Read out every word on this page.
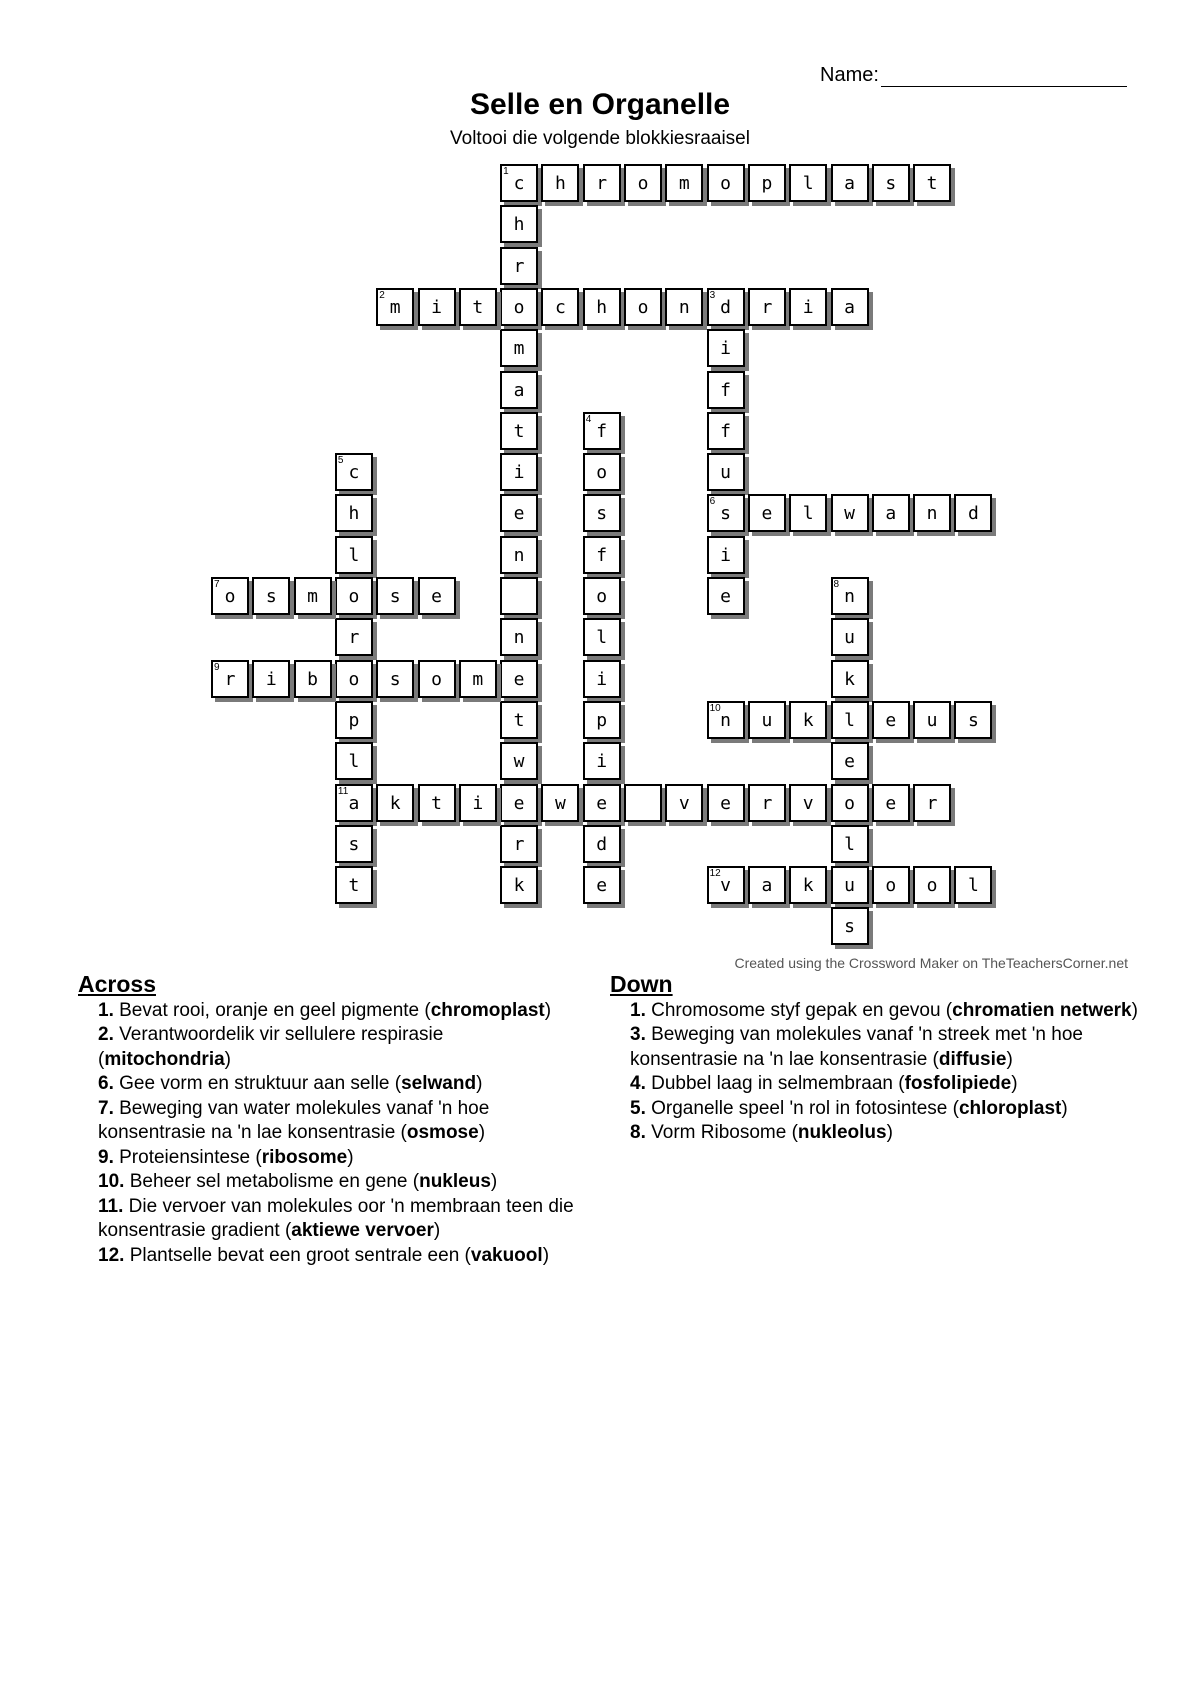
Name:
Selle en Organelle
Voltooi die volgende blokkiesraaisel
1
c	h	r	o	m	o	p	l	a	s	t
h
r
o
m
a
t
i
e
n
n
e
t
w
e
r
k
2
m	i	t	c	h	o	n
3
d	r	i	a
i
f
f
u
6
s
i
e
4
f
o
s
f
o
l
i
p
i
e
d
e
5
c
h
l
o
r
o
p
l
11
a
s
t
e	l	w	a	n	d
7
o	s	m	s	e
8
n
u
k
l
e
o
l
u
s
9
r	i	b	s	o	m
10
n	u	k	e	u	s
k	t	i	w	v	e	r	v	e	r
12
v	a	k	o	o	l
Created using the Crossword Maker on TheTeachersCorner.net
Across
1. Bevat rooi, oranje en geel pigmente (chromoplast)
2. Verantwoordelik vir sellulere respirasie (mitochondria)
6. Gee vorm en struktuur aan selle (selwand)
7. Beweging van water molekules vanaf 'n hoe konsentrasie na 'n lae konsentrasie (osmose)
9. Proteiensintese (ribosome)
10. Beheer sel metabolisme en gene (nukleus)
11. Die vervoer van molekules oor 'n membraan teen die konsentrasie gradient (aktiewe vervoer)
12. Plantselle bevat een groot sentrale een (vakuool)
Down
1. Chromosome styf gepak en gevou (chromatien netwerk)
3. Beweging van molekules vanaf 'n streek met 'n hoe konsentrasie na 'n lae konsentrasie (diffusie)
4. Dubbel laag in selmembraan (fosfolipiede)
5. Organelle speel 'n rol in fotosintese (chloroplast)
8. Vorm Ribosome (nukleolus)
